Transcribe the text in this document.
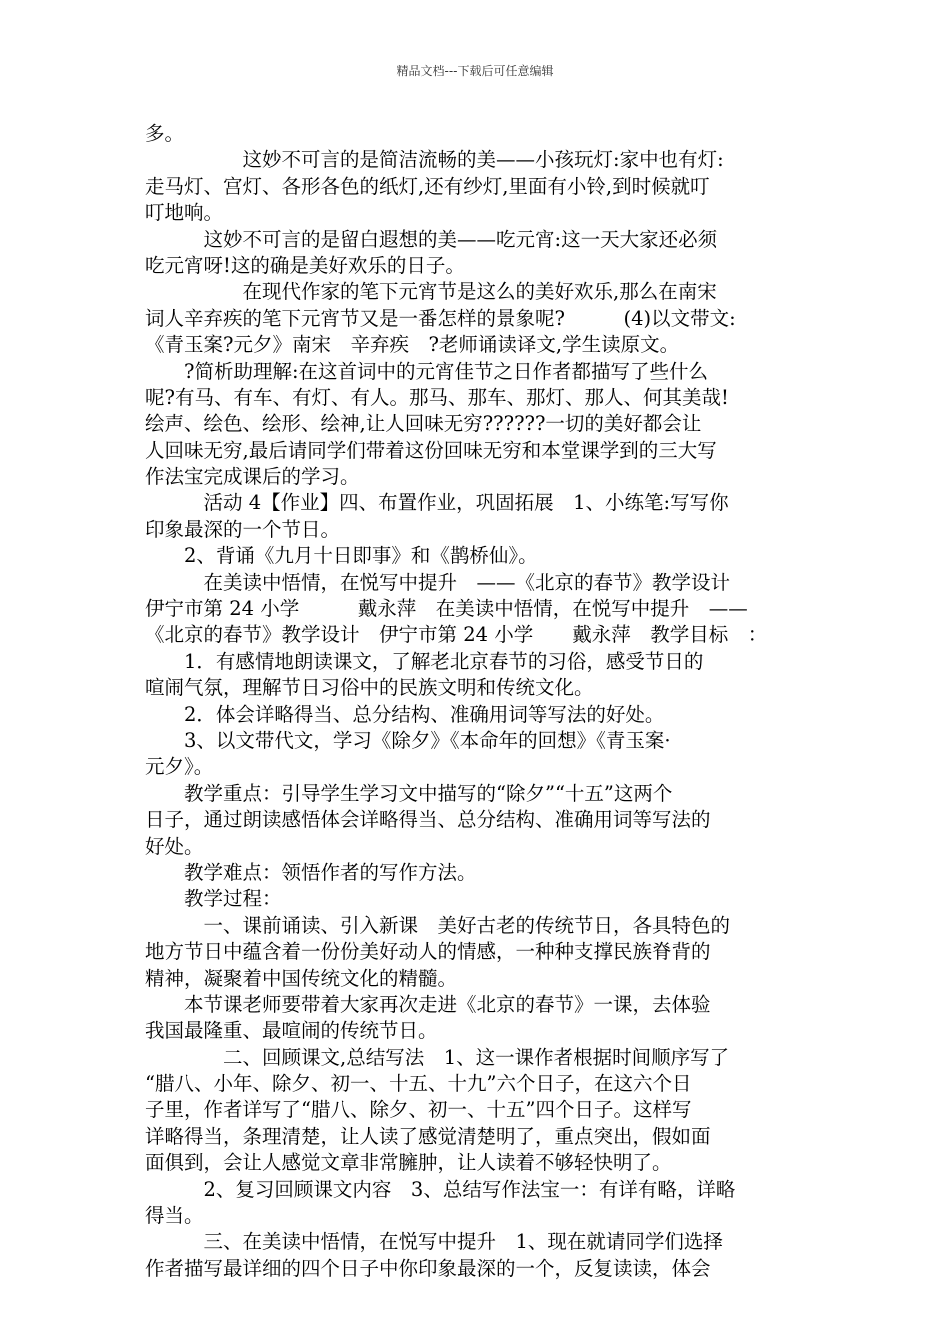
精品文档---下载后可任意编辑
多。
　　　　　这妙不可言的是简洁流畅的美——小孩玩灯:家中也有灯:
走马灯、宫灯、各形各色的纸灯,还有纱灯,里面有小铃,到时候就叮
叮地响。
　　　这妙不可言的是留白遐想的美——吃元宵:这一天大家还必须
吃元宵呀!这的确是美好欢乐的日子。
　　　　　在现代作家的笔下元宵节是这么的美好欢乐,那么在南宋
词人辛弃疾的笔下元宵节又是一番怎样的景象呢?　　　(4)以文带文:
《青玉案?元夕》南宋　辛弃疾　?老师诵读译文,学生读原文。
　　?简析助理解:在这首词中的元宵佳节之日作者都描写了些什么
呢?有马、有车、有灯、有人。那马、那车、那灯、那人、何其美哉!
绘声、绘色、绘形、绘神,让人回味无穷??????一切的美好都会让
人回味无穷,最后请同学们带着这份回味无穷和本堂课学到的三大写
作法宝完成课后的学习。
　　　活动 4【作业】四、布置作业，巩固拓展　1、小练笔:写写你
印象最深的一个节日。
　　2、背诵《九月十日即事》和《鹊桥仙》。
　　　在美读中悟情，在悦写中提升　——《北京的春节》教学设计
伊宁市第 24 小学　　　戴永萍　在美读中悟情，在悦写中提升　——
《北京的春节》教学设计　伊宁市第 24 小学　　戴永萍　教学目标　：
　　1．有感情地朗读课文，了解老北京春节的习俗，感受节日的
喧闹气氛，理解节日习俗中的民族文明和传统文化。
　　2．体会详略得当、总分结构、准确用词等写法的好处。
　　3、以文带代文，学习《除夕》《本命年的回想》《青玉案·
元夕》。
　　教学重点：引导学生学习文中描写的“除夕”“十五”这两个
日子，通过朗读感悟体会详略得当、总分结构、准确用词等写法的
好处。
　　教学难点：领悟作者的写作方法。
　　教学过程：
　　　一、课前诵读、引入新课　美好古老的传统节日，各具特色的
地方节日中蕴含着一份份美好动人的情感，一种种支撑民族脊背的
精神，凝聚着中国传统文化的精髓。
　　本节课老师要带着大家再次走进《北京的春节》一课，去体验
我国最隆重、最喧闹的传统节日。
　　　　二、回顾课文,总结写法　1、这一课作者根据时间顺序写了
“腊八、小年、除夕、初一、十五、十九”六个日子，在这六个日
子里，作者详写了“腊八、除夕、初一、十五”四个日子。这样写
详略得当，条理清楚，让人读了感觉清楚明了，重点突出，假如面
面俱到，会让人感觉文章非常臃肿，让人读着不够轻快明了。
　　　2、复习回顾课文内容　3、总结写作法宝一：有详有略，详略
得当。
　　　三、在美读中悟情，在悦写中提升　1、现在就请同学们选择
作者描写最详细的四个日子中你印象最深的一个，反复读读，体会
